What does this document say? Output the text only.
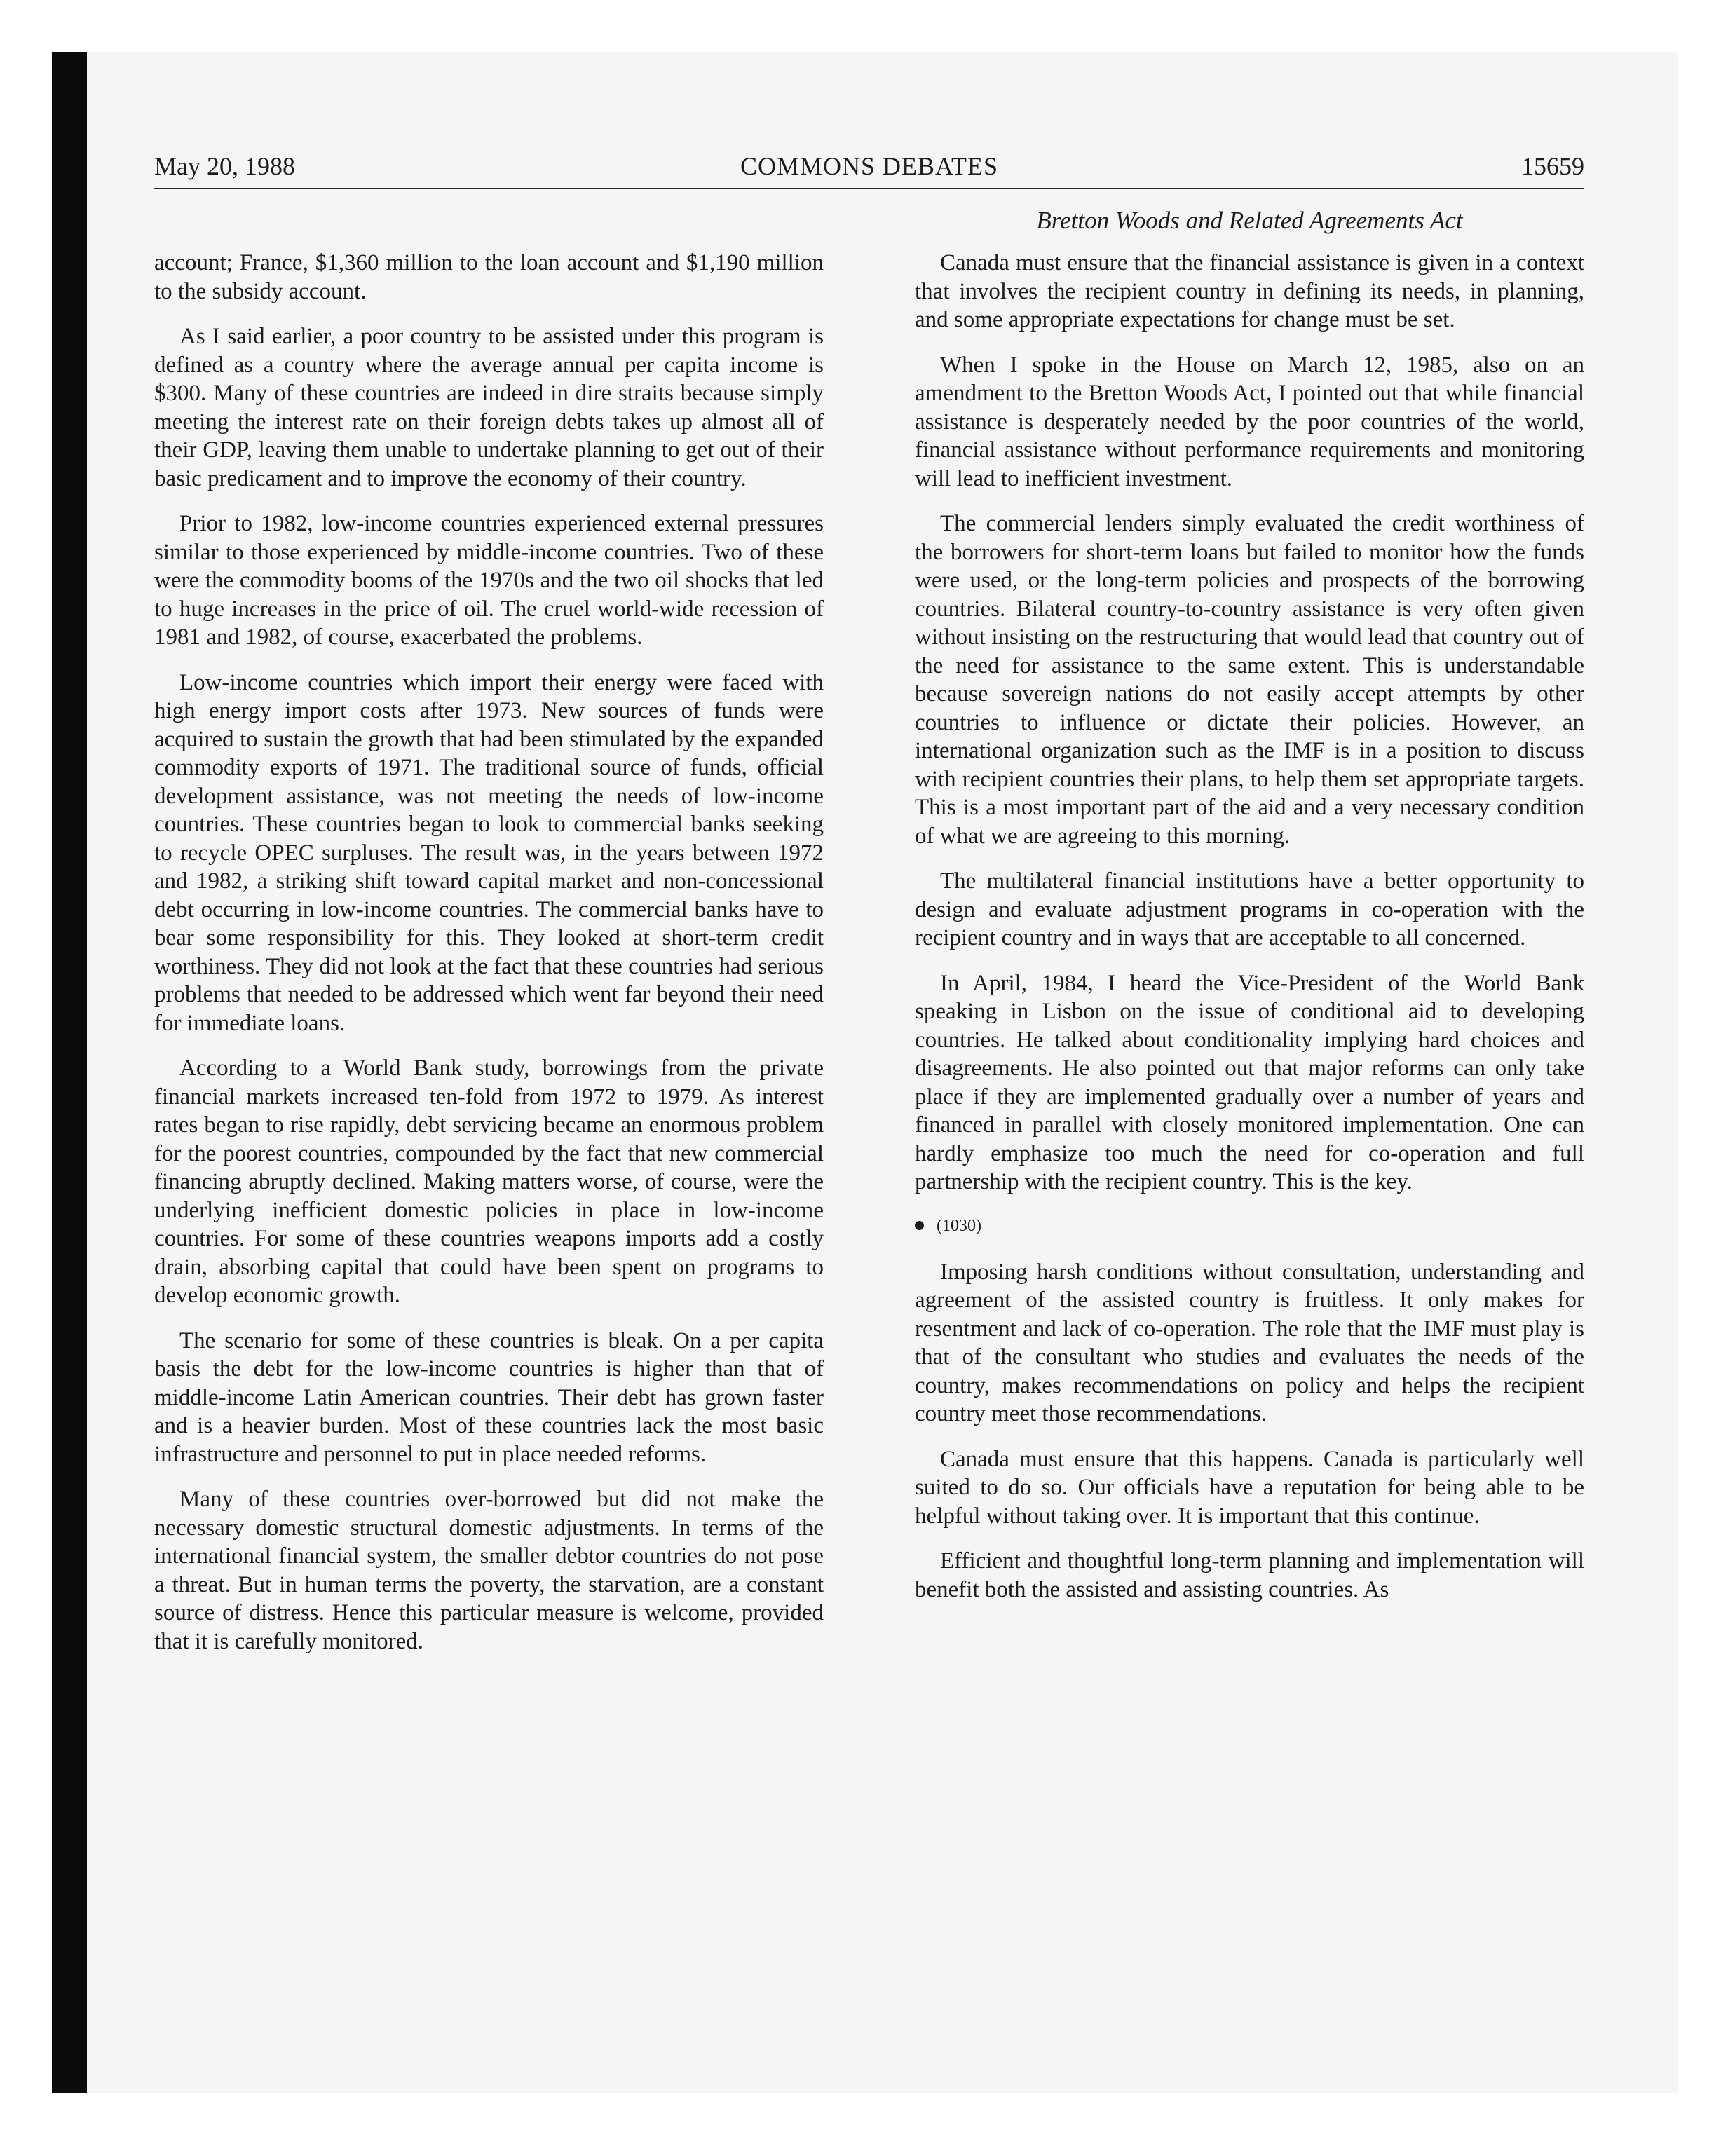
COMMONS DEBATES
May 20, 1988	15659
Bretton Woods and Related Agreements Act

account; France, $1,360 million to the loan account and $1,190 million to the subsidy account.

As I said earlier, a poor country to be assisted under this program is defined as a country where the average annual per capita income is $300. Many of these countries are indeed in dire straits because simply meeting the interest rate on their foreign debts takes up almost all of their GDP, leaving them unable to undertake planning to get out of their basic predicament and to improve the economy of their country.

Prior to 1982, low-income countries experienced external pressures similar to those experienced by middle-income countries. Two of these were the commodity booms of the 1970s and the two oil shocks that led to huge increases in the price of oil. The cruel world-wide recession of 1981 and 1982, of course, exacerbated the problems.

Low-income countries which import their energy were faced with high energy import costs after 1973. New sources of funds were acquired to sustain the growth that had been stimulated by the expanded commodity exports of 1971. The traditional source of funds, official development assistance, was not meeting the needs of low-income countries. These countries began to look to commercial banks seeking to recycle OPEC surpluses. The result was, in the years between 1972 and 1982, a striking shift toward capital market and non-concessional debt occurring in low-income countries. The commercial banks have to bear some responsibility for this. They looked at short-term credit worthiness. They did not look at the fact that these countries had serious problems that needed to be addressed which went far beyond their need for immediate loans.

According to a World Bank study, borrowings from the private financial markets increased ten-fold from 1972 to 1979. As interest rates began to rise rapidly, debt servicing became an enormous problem for the poorest countries, compounded by the fact that new commercial financing abruptly declined. Making matters worse, of course, were the underlying inefficient domestic policies in place in low-income countries. For some of these countries weapons imports add a costly drain, absorbing capital that could have been spent on programs to develop economic growth.

The scenario for some of these countries is bleak. On a per capita basis the debt for the low-income countries is higher than that of middle-income Latin American countries. Their debt has grown faster and is a heavier burden. Most of these countries lack the most basic infrastructure and personnel to put in place needed reforms.

Many of these countries over-borrowed but did not make the necessary domestic structural domestic adjustments. In terms of the international financial system, the smaller debtor countries do not pose a threat. But in human terms the poverty, the starvation, are a constant source of distress. Hence this particular measure is welcome, provided that it is carefully monitored.

Canada must ensure that the financial assistance is given in a context that involves the recipient country in defining its needs, in planning, and some appropriate expectations for change must be set.

When I spoke in the House on March 12, 1985, also on an amendment to the Bretton Woods Act, I pointed out that while financial assistance is desperately needed by the poor countries of the world, financial assistance without performance requirements and monitoring will lead to inefficient investment.

The commercial lenders simply evaluated the credit worthiness of the borrowers for short-term loans but failed to monitor how the funds were used, or the long-term policies and prospects of the borrowing countries. Bilateral country-to-country assistance is very often given without insisting on the restructuring that would lead that country out of the need for assistance to the same extent. This is understandable because sovereign nations do not easily accept attempts by other countries to influence or dictate their policies. However, an international organization such as the IMF is in a position to discuss with recipient countries their plans, to help them set appropriate targets. This is a most important part of the aid and a very necessary condition of what we are agreeing to this morning.

The multilateral financial institutions have a better opportunity to design and evaluate adjustment programs in co-operation with the recipient country and in ways that are acceptable to all concerned.

In April, 1984, I heard the Vice-President of the World Bank speaking in Lisbon on the issue of conditional aid to developing countries. He talked about conditionality implying hard choices and disagreements. He also pointed out that major reforms can only take place if they are implemented gradually over a number of years and financed in parallel with closely monitored implementation. One can hardly emphasize too much the need for co-operation and full partnership with the recipient country. This is the key.

(1030)

Imposing harsh conditions without consultation, understanding and agreement of the assisted country is fruitless. It only makes for resentment and lack of co-operation. The role that the IMF must play is that of the consultant who studies and evaluates the needs of the country, makes recommendations on policy and helps the recipient country meet those recommendations.

Canada must ensure that this happens. Canada is particularly well suited to do so. Our officials have a reputation for being able to be helpful without taking over. It is important that this continue.

Efficient and thoughtful long-term planning and implementation will benefit both the assisted and assisting countries. As
